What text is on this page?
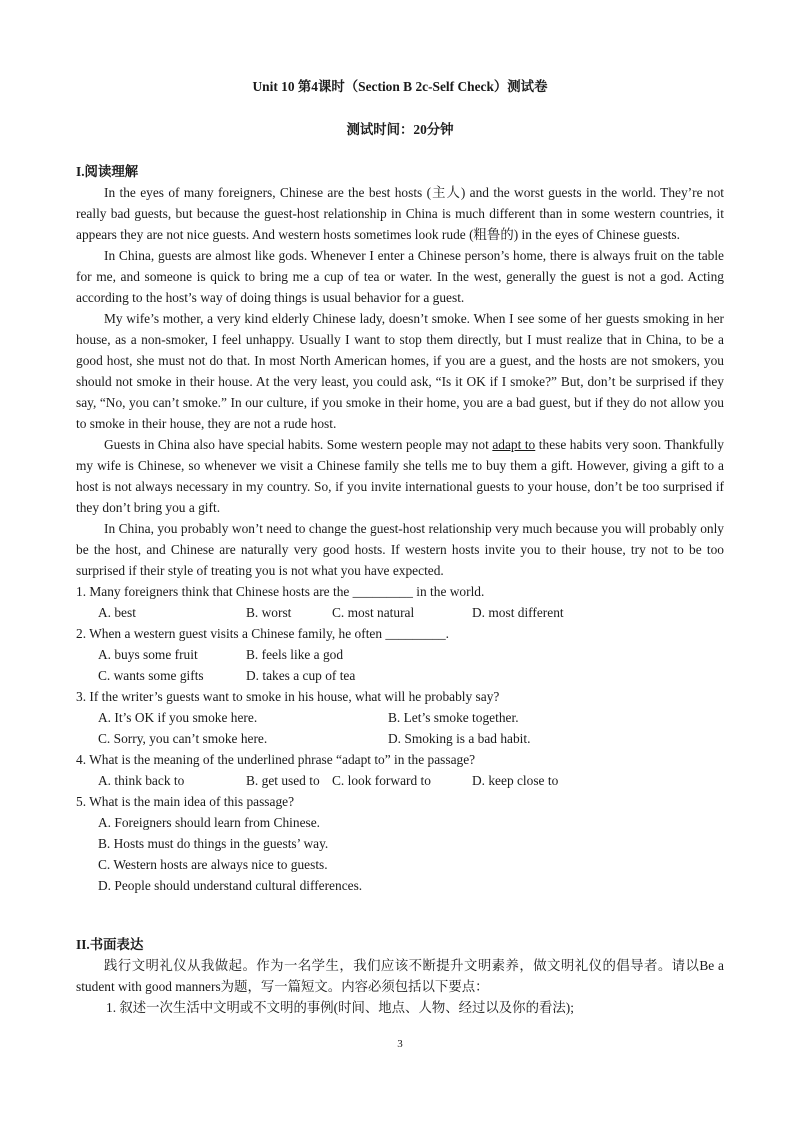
Unit 10 第4课时（Section B 2c-Self Check）测试卷
测试时间：20分钟
I.阅读理解

In the eyes of many foreigners, Chinese are the best hosts (主人) and the worst guests in the world. They’re not really bad guests, but because the guest-host relationship in China is much different than in some western countries, it appears they are not nice guests. And western hosts sometimes look rude (粗鲁的) in the eyes of Chinese guests.

In China, guests are almost like gods. Whenever I enter a Chinese person’s home, there is always fruit on the table for me, and someone is quick to bring me a cup of tea or water. In the west, generally the guest is not a god. Acting according to the host’s way of doing things is usual behavior for a guest.

My wife’s mother, a very kind elderly Chinese lady, doesn’t smoke. When I see some of her guests smoking in her house, as a non-smoker, I feel unhappy. Usually I want to stop them directly, but I must realize that in China, to be a good host, she must not do that. In most North American homes, if you are a guest, and the hosts are not smokers, you should not smoke in their house. At the very least, you could ask, “Is it OK if I smoke?” But, don’t be surprised if they say, “No, you can’t smoke.” In our culture, if you smoke in their home, you are a bad guest, but if they do not allow you to smoke in their house, they are not a rude host.

Guests in China also have special habits. Some western people may not adapt to these habits very soon. Thankfully my wife is Chinese, so whenever we visit a Chinese family she tells me to buy them a gift. However, giving a gift to a host is not always necessary in my country. So, if you invite international guests to your house, don’t be too surprised if they don’t bring you a gift.

In China, you probably won’t need to change the guest-host relationship very much because you will probably only be the host, and Chinese are naturally very good hosts. If western hosts invite you to their house, try not to be too surprised if their style of treating you is not what you have expected.

1. Many foreigners think that Chinese hosts are the _________ in the world.

A. best	B. worst	C. most natural	D. most different

2. When a western guest visits a Chinese family, he often _________.

A. buys some fruit	B. feels like a god
C. wants some gifts	D. takes a cup of tea

3. If the writer’s guests want to smoke in his house, what will he probably say?

A. It’s OK if you smoke here.	B. Let’s smoke together.
C. Sorry, you can’t smoke here.	D. Smoking is a bad habit.

4. What is the meaning of the underlined phrase “adapt to” in the passage?

A. think back to	B. get used to C. look forward to	D. keep close to

5. What is the main idea of this passage?

A. Foreigners should learn from Chinese.
B. Hosts must do things in the guests’ way.
C. Western hosts are always nice to guests.
D. People should understand cultural differences.
II.书面表达

践行文明礼仪从我做起。作为一名学生，我们应该不断提升文明素养，做文明礼仪的倡导者。请以Be a student with good manners为题，写一篇短文。内容必须包括以下要点：

1. 叙述一次生活中文明或不文明的事例(时间、地点、人物、经过以及你的看法);

3
